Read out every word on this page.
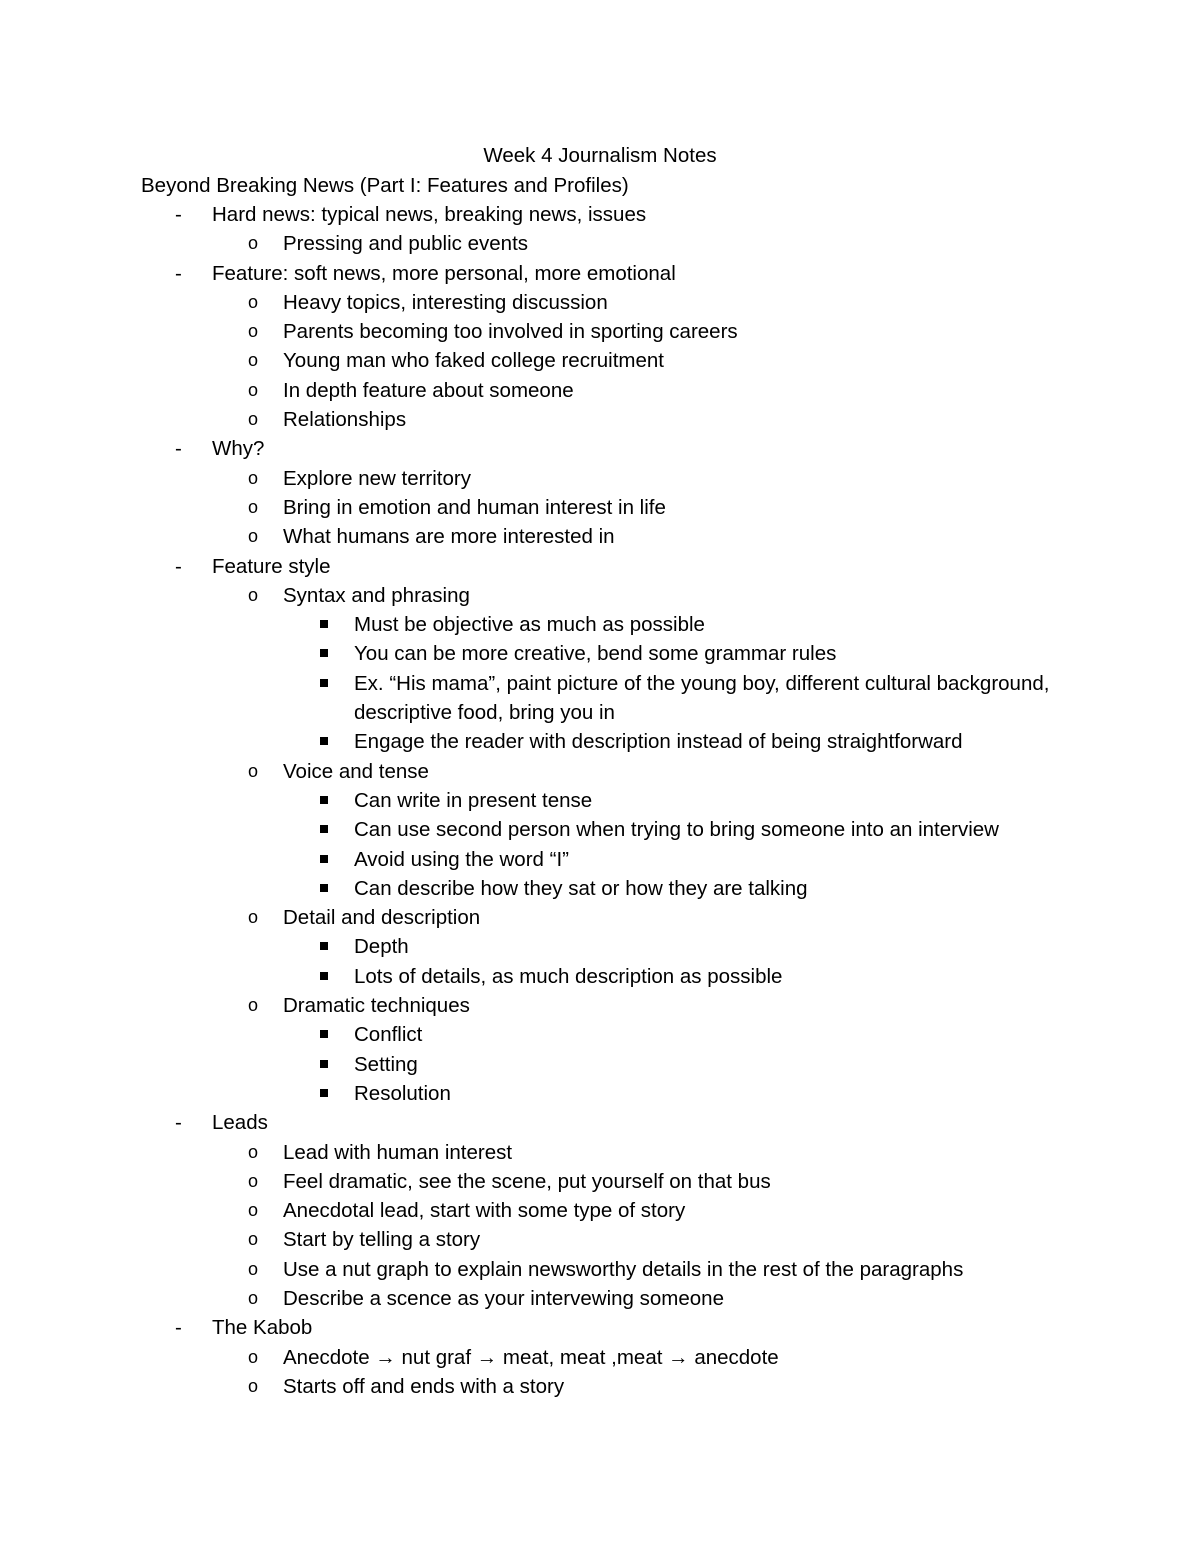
Week 4 Journalism Notes
Beyond Breaking News (Part I: Features and Profiles)
- Hard news: typical news, breaking news, issues
o Pressing and public events
- Feature: soft news, more personal, more emotional
o Heavy topics, interesting discussion
o Parents becoming too involved in sporting careers
o Young man who faked college recruitment
o In depth feature about someone
o Relationships
- Why?
o Explore new territory
o Bring in emotion and human interest in life
o What humans are more interested in
- Feature style
o Syntax and phrasing
Must be objective as much as possible
You can be more creative, bend some grammar rules
Ex. “His mama”, paint picture of the young boy, different cultural background, descriptive food, bring you in
Engage the reader with description instead of being straightforward
o Voice and tense
Can write in present tense
Can use second person when trying to bring someone into an interview
Avoid using the word “I”
Can describe how they sat or how they are talking
o Detail and description
Depth
Lots of details, as much description as possible
o Dramatic techniques
Conflict
Setting
Resolution
- Leads
o Lead with human interest
o Feel dramatic, see the scene, put yourself on that bus
o Anecdotal lead, start with some type of story
o Start by telling a story
o Use a nut graph to explain newsworthy details in the rest of the paragraphs
o Describe a scence as your intervewing someone
- The Kabob
o Anecdote → nut graf → meat, meat ,meat → anecdote
o Starts off and ends with a story
